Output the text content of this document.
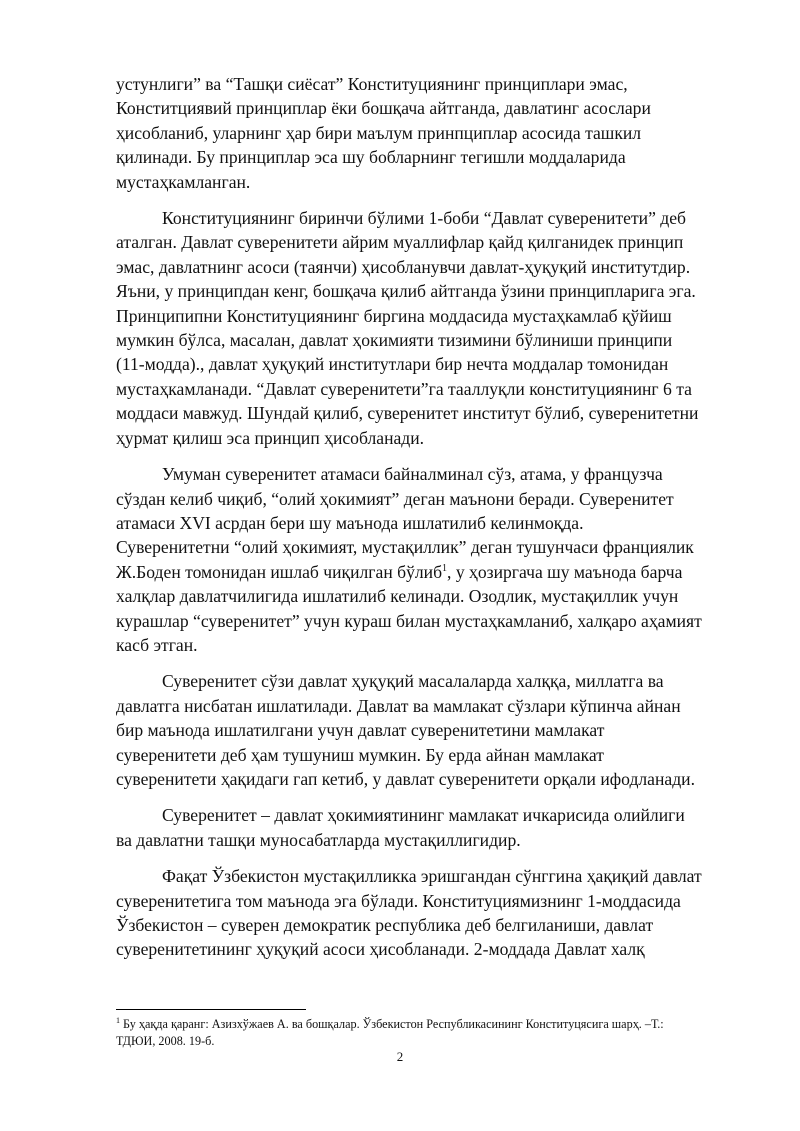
устунлиги” ва “Ташқи сиёсат” Конституциянинг принциплари эмас,
Конститциявий принциплар ёки бошқача айтганда, давлатинг асослари
ҳисобланиб, уларнинг ҳар бири маълум принпциплар асосида ташкил
қилинади. Бу принциплар эса шу бобларнинг тегишли моддаларида
мустаҳкамланган.
Конституциянинг биринчи бўлими 1-боби “Давлат суверенитети” деб
аталган. Давлат суверенитети айрим муаллифлар қайд қилганидек принцип
эмас, давлатнинг асоси (таянчи) ҳисобланувчи давлат-ҳуқуқий институтдир.
Яъни, у принципдан кенг, бошқача қилиб айтганда ўзини принципларига эга.
Принципипни Конституциянинг биргина моддасида мустаҳкамлаб қўйиш
мумкин бўлса, масалан, давлат ҳокимияти тизимини бўлиниши принципи
(11-модда)., давлат ҳуқуқий институтлари бир нечта моддалар томонидан
мустаҳкамланади. “Давлат суверенитети”га тааллуқли конституциянинг 6 та
моддаси мавжуд. Шундай қилиб, суверенитет институт бўлиб, суверенитетни
ҳурмат қилиш эса принцип ҳисобланади.
Умуман суверенитет атамаси байналминал сўз, атама, у французча
сўздан келиб чиқиб, “олий ҳокимият” деган маънони беради. Суверенитет
атамаси XVI асрдан бери шу маънода ишлатилиб келинмоқда.
Суверенитетни “олий ҳокимият, мустақиллик” деган тушунчаси франциялик
Ж.Боден томонидан ишлаб чиқилган бўлиб$^1$, у ҳозиргача шу маънода барча
халқлар давлатчилигида ишлатилиб келинади. Озодлик, мустақиллик учун
курашлар “суверенитет” учун кураш билан мустаҳкамланиб, халқаро аҳамият
касб этган.
Суверенитет сўзи давлат ҳуқуқий масалаларда халққа, миллатга ва
давлатга нисбатан ишлатилади. Давлат ва мамлакат сўзлари кўпинча айнан
бир маънода ишлатилгани учун давлат суверенитетини мамлакат
суверенитети деб ҳам тушуниш мумкин. Бу ерда айнан мамлакат
суверенитети ҳақидаги гап кетиб, у давлат суверенитети орқали ифодланади.
Суверенитет – давлат ҳокимиятининг мамлакат ичкарисида олийлиги
ва давлатни ташқи муносабатларда мустақиллигидир.
Фақат Ўзбекистон мустақилликка эришгандан сўнггина ҳақиқий давлат
суверенитетига том маънода эга бўлади. Конституциямизнинг 1-моддасида
Ўзбекистон – суверен демократик республика деб белгиланиши, давлат
суверенитетининг ҳуқуқий асоси ҳисобланади. 2-моддада Давлат халқ
$^1$ Бу ҳақда қаранг: Азизхўжаев А. ва бошқалар. Ўзбекистон Республикасининг Конституцясига шарҳ. –Т.:
ТДЮИ, 2008. 19-б.
2
